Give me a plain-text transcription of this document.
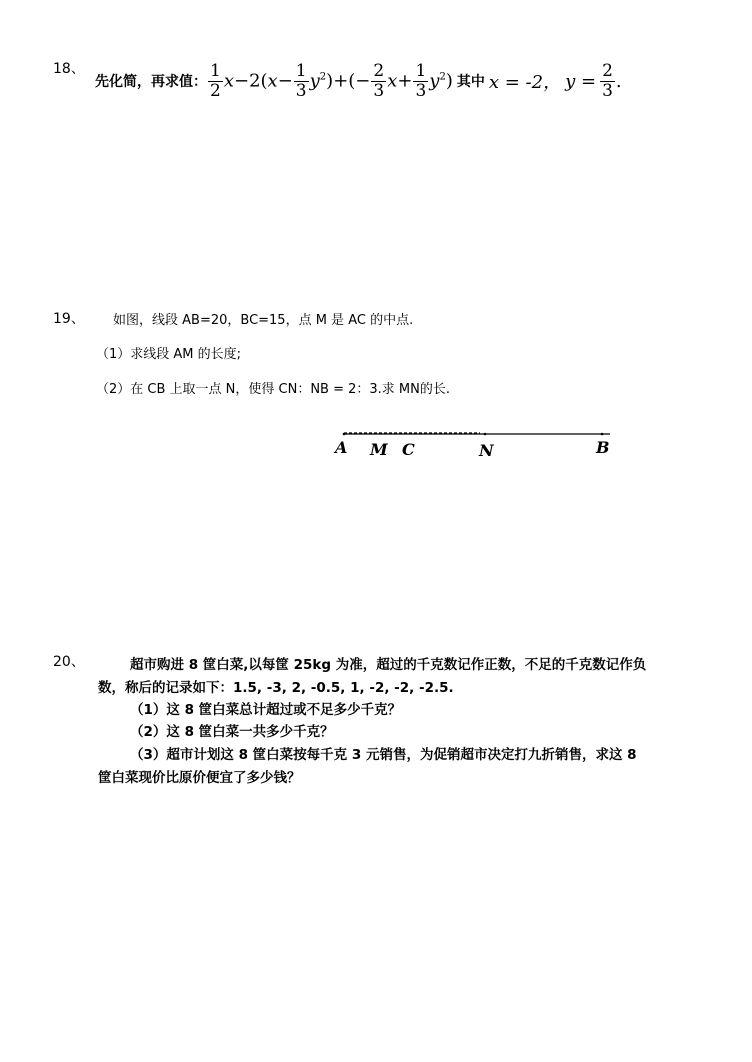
18、
先化简，再求值： $\frac{1}{2} x-2(x- \frac{1}{3} y^2)+(- \frac{2}{3} x+ \frac{1}{3} y^2)$ 其中 x = -2， $y = \frac{2}{3}$ .
19、 如图，线段 AB=20，BC=15，点 M 是 AC 的中点.
（1）求线段 AM 的长度;
（2）在 CB 上取一点 N，使得 CN：NB = 2：3.求 MN的长.
A M C	N	B
20、	超市购进 8 筐白菜,以每筐 25kg 为准，超过的千克数记作正数，不足的千克数记作负
数，称后的记录如下：1.5, -3, 2, -0.5, 1, -2, -2, -2.5.
（1）这 8 筐白菜总计超过或不足多少千克？
（2）这 8 筐白菜一共多少千克？
（3）超市计划这 8 筐白菜按每千克 3 元销售，为促销超市决定打九折销售，求这 8
筐白菜现价比原价便宜了多少钱？
